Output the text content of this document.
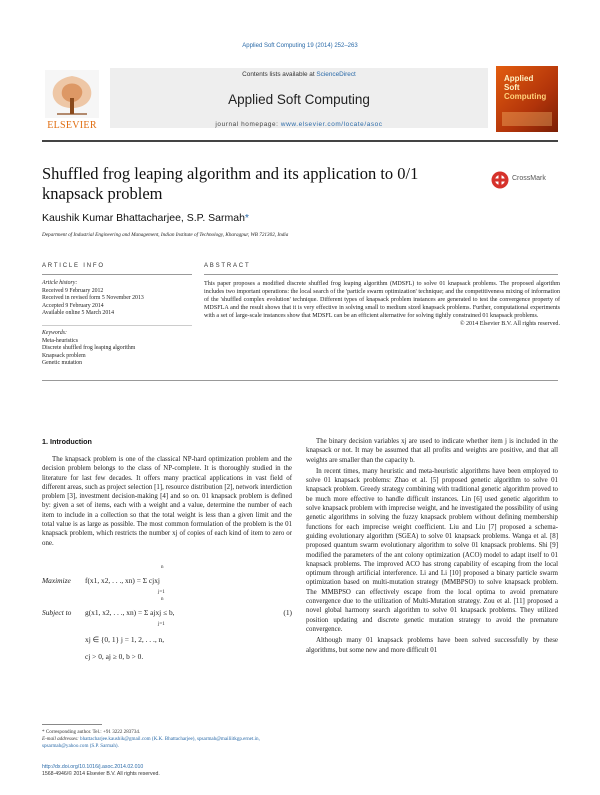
Applied Soft Computing 19 (2014) 252–263
ELSEVIER
Contents lists available at ScienceDirect
Applied Soft Computing
journal homepage: www.elsevier.com/locate/asoc
Applied
Soft
Computing
Shuffled frog leaping algorithm and its application to 0/1 knapsack problem
CrossMark
Kaushik Kumar Bhattacharjee, S.P. Sarmah*
Department of Industrial Engineering and Management, Indian Institute of Technology, Kharagpur, WB 721302, India
ARTICLE INFO	ABSTRACT
Article history:
Received 9 February 2012
Received in revised form 5 November 2013
Accepted 9 February 2014
Available online 5 March 2014
Keywords:
Meta-heuristics
Discrete shuffled frog leaping algorithm
Knapsack problem
Genetic mutation
This paper proposes a modified discrete shuffled frog leaping algorithm (MDSFL) to solve 01 knapsack problems. The proposed algorithm includes two important operations: the local search of the 'particle swarm optimization' technique; and the competitiveness mixing of information of the 'shuffled complex evolution' technique. Different types of knapsack problem instances are generated to test the convergence property of MDSFLA and the result shows that it is very effective in solving small to medium sized knapsack problems. Further, computational experiments with a set of large-scale instances show that MDSFL can be an efficient alternative for solving tightly constrained 01 knapsack problems.
© 2014 Elsevier B.V. All rights reserved.
1. Introduction

The knapsack problem is one of the classical NP-hard optimization problem and the decision problem belongs to the class of NP-complete. It is thoroughly studied in the literature for last few decades. It offers many practical applications in vast field of different areas, such as project selection [1], resource distribution [2], network interdiction problem [3], investment decision-making [4] and so on. 01 knapsack problem is defined by: given a set of items, each with a weight and a value, determine the number of each item to include in a collection so that the total weight is less than a given limit and the total value is as large as possible. The most common formulation of the problem is the 01 knapsack problem, which restricts the number xj of copies of each kind of item to zero or one.

n
Maximize f(x1, x2, . . ., xn) = Σ cjxj
j=1
n
Subject to g(x1, x2, . . ., xn) = Σ ajxj ≤ b,	(1)
j=1
xj ∈ {0, 1} j = 1, 2, . . ., n,
cj > 0, aj ≥ 0, b > 0.
* Corresponding author. Tel.: +91 3222 283734.
E-mail addresses: bhattacharjee.kaushik@gmail.com (K.K. Bhattacharjee), spsarmah@mailiitkgp.ernet.in, spsarmah@yahoo.com (S.P. Sarmah).
http://dx.doi.org/10.1016/j.asoc.2014.02.010
1568-4946/© 2014 Elsevier B.V. All rights reserved.

The binary decision variables xj are used to indicate whether item j is included in the knapsack or not. It may be assumed that all profits and weights are positive, and that all weights are smaller than the capacity b.

In recent times, many heuristic and meta-heuristic algorithms have been employed to solve 01 knapsack problems: Zhao et al. [5] proposed genetic algorithm to solve 01 knapsack problem. Greedy strategy combining with traditional genetic algorithm proved to be much more effective to handle difficult instances. Lin [6] used genetic algorithm to solve knapsack problem with imprecise weight, and he investigated the possibility of using genetic algorithms in solving the fuzzy knapsack problem without defining membership functions for each imprecise weight coefficient. Liu and Liu [7] proposed a schema-guiding evolutionary algorithm (SGEA) to solve 01 knapsack problems. Wanga et al. [8] proposed quantum swarm evolutionary algorithm to solve 01 knapsack problems. Shi [9] modified the parameters of the ant colony optimization (ACO) model to adapt itself to 01 knapsack problems. The improved ACO has strong capability of escaping from the local optimum through artificial interference. Li and Li [10] proposed a binary particle swarm optimization based on multi-mutation strategy (MMBPSO) to solve knapsack problem. The MMBPSO can effectively escape from the local optima to avoid premature convergence due to the utilization of Multi-Mutation strategy. Zou et al. [11] proposed a novel global harmony search algorithm to solve 01 knapsack problems. They utilized position updating and discrete genetic mutation strategy to avoid the premature convergence.

Although many 01 knapsack problems have been solved successfully by these algorithms, but some new and more difficult 01
